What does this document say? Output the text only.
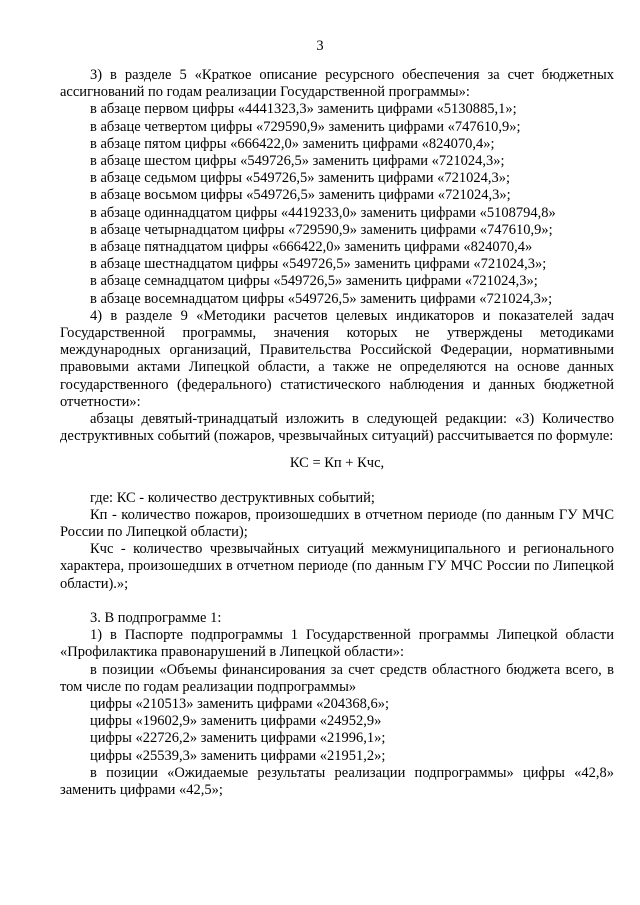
3

3) в разделе 5 «Краткое описание ресурсного обеспечения за счет бюджетных ассигнований по годам реализации Государственной программы»:

в абзаце первом цифры «4441323,3» заменить цифрами «5130885,1»;

в абзаце четвертом цифры «729590,9» заменить цифрами «747610,9»;

в абзаце пятом цифры «666422,0» заменить цифрами «824070,4»;

в абзаце шестом цифры «549726,5» заменить цифрами «721024,3»;

в абзаце седьмом цифры «549726,5» заменить цифрами «721024,3»;

в абзаце восьмом цифры «549726,5» заменить цифрами «721024,3»;

в абзаце одиннадцатом цифры «4419233,0» заменить цифрами «5108794,8»

в абзаце четырнадцатом цифры «729590,9» заменить цифрами «747610,9»;

в абзаце пятнадцатом цифры «666422,0» заменить цифрами «824070,4»

в абзаце шестнадцатом цифры «549726,5» заменить цифрами «721024,3»;

в абзаце семнадцатом цифры «549726,5» заменить цифрами «721024,3»;

в абзаце восемнадцатом цифры «549726,5» заменить цифрами «721024,3»;

4) в разделе 9 «Методики расчетов целевых индикаторов и показателей задач Государственной программы, значения которых не утверждены методиками международных организаций, Правительства Российской Федерации, нормативными правовыми актами Липецкой области, а также не определяются на основе данных государственного (федерального) статистического наблюдения и данных бюджетной отчетности»:

абзацы девятый-тринадцатый изложить в следующей редакции: «3) Количество деструктивных событий (пожаров, чрезвычайных ситуаций) рассчитывается по формуле:

КС = Кп + Кчс,

где: КС - количество деструктивных событий;

Кп - количество пожаров, произошедших в отчетном периоде (по данным ГУ МЧС России по Липецкой области);

Кчс - количество чрезвычайных ситуаций межмуниципального и регионального характера, произошедших в отчетном периоде (по данным ГУ МЧС России по Липецкой области).»;

3. В подпрограмме 1:

1) в Паспорте подпрограммы 1 Государственной программы Липецкой области «Профилактика правонарушений в Липецкой области»:

в позиции «Объемы финансирования за счет средств областного бюджета всего, в том числе по годам реализации подпрограммы»

цифры «210513» заменить цифрами «204368,6»;

цифры «19602,9» заменить цифрами «24952,9»

цифры «22726,2» заменить цифрами «21996,1»;

цифры «25539,3» заменить цифрами «21951,2»;

в позиции «Ожидаемые результаты реализации подпрограммы» цифры «42,8» заменить цифрами «42,5»;
